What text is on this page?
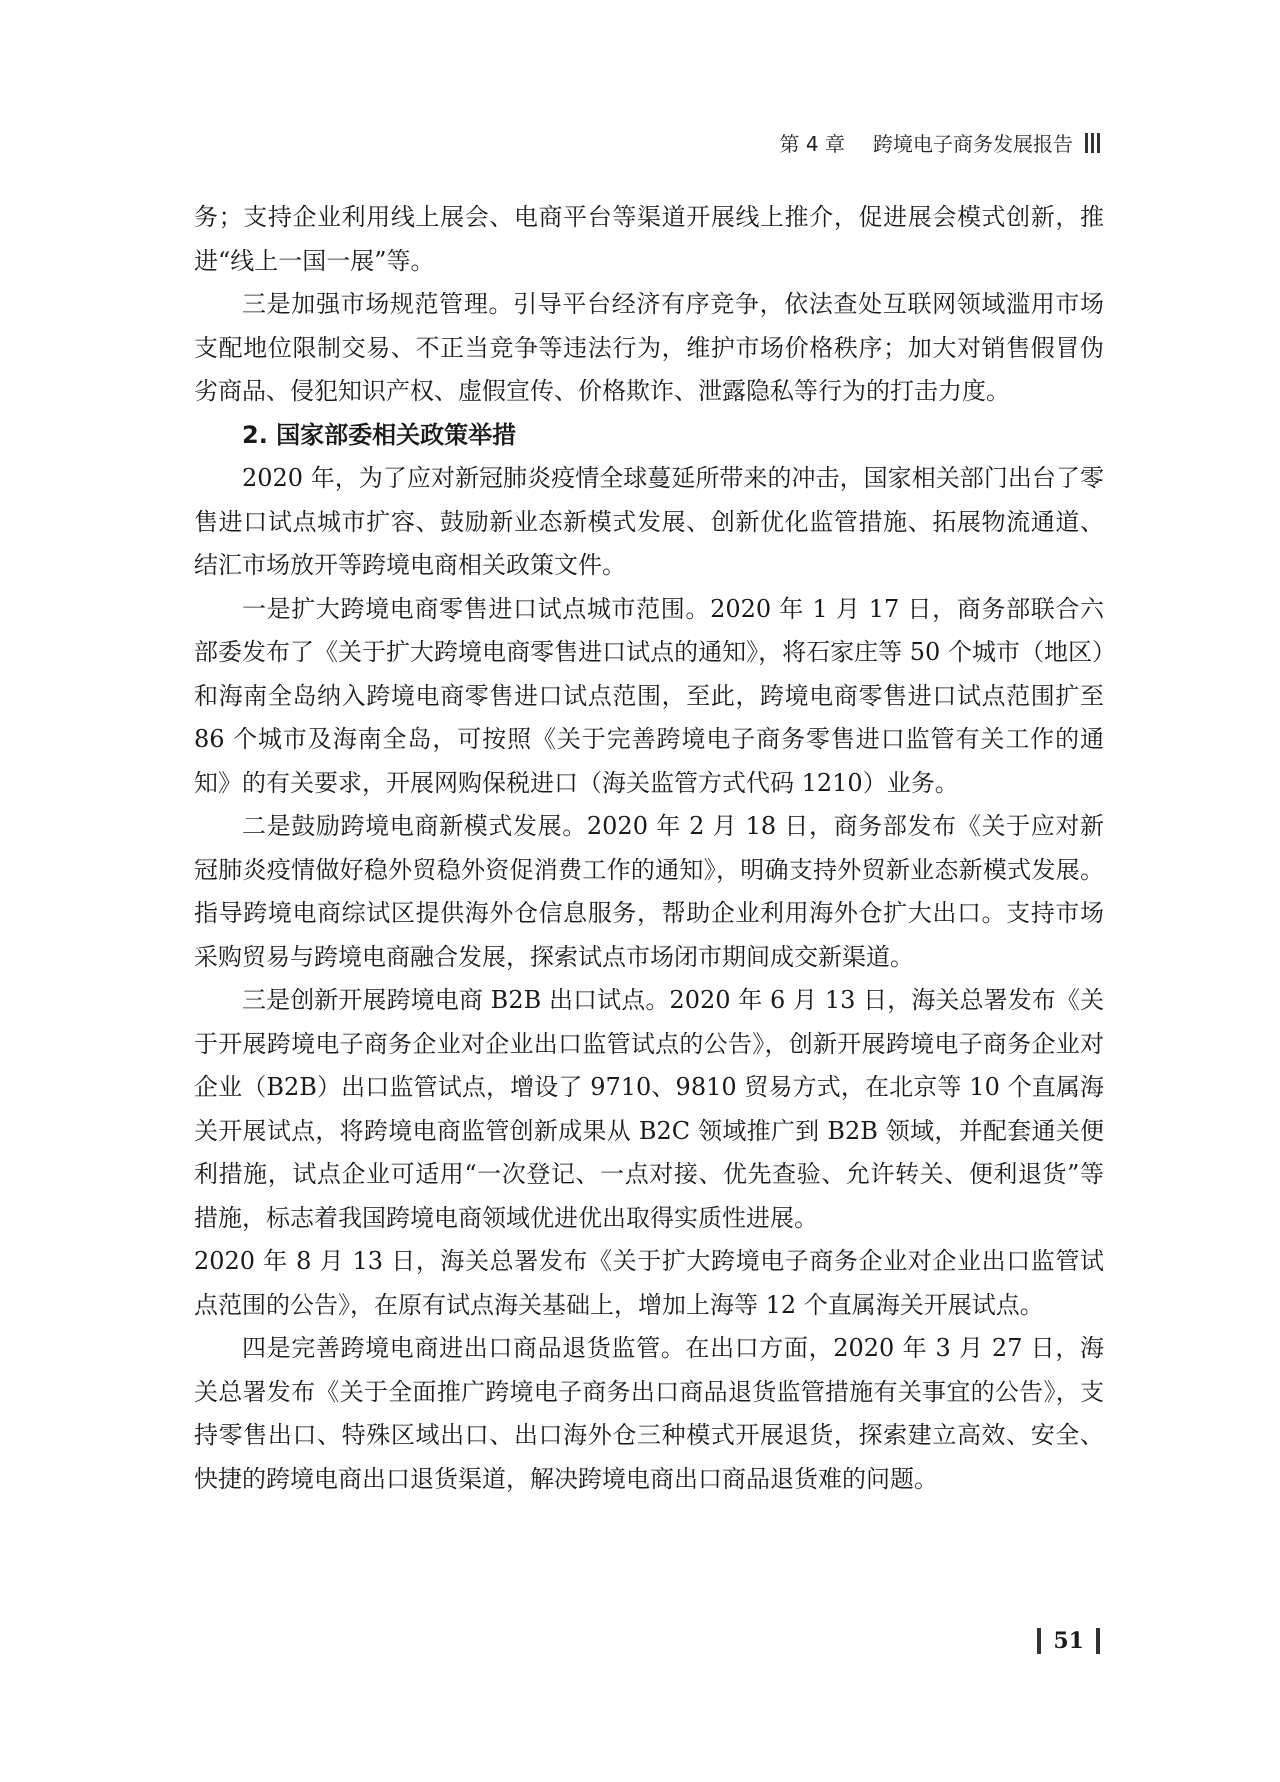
第 4 章 跨境电子商务发展报告

务；支持企业利用线上展会、电商平台等渠道开展线上推介，促进展会模式创新，推进“线上一国一展”等。

三是加强市场规范管理。引导平台经济有序竞争，依法查处互联网领域滥用市场支配地位限制交易、不正当竞争等违法行为，维护市场价格秩序；加大对销售假冒伪劣商品、侵犯知识产权、虚假宣传、价格欺诈、泄露隐私等行为的打击力度。

2. 国家部委相关政策举措

2020 年，为了应对新冠肺炎疫情全球蔓延所带来的冲击，国家相关部门出台了零售进口试点城市扩容、鼓励新业态新模式发展、创新优化监管措施、拓展物流通道、结汇市场放开等跨境电商相关政策文件。

一是扩大跨境电商零售进口试点城市范围。2020 年 1 月 17 日，商务部联合六部委发布了《关于扩大跨境电商零售进口试点的通知》，将石家庄等 50 个城市（地区）和海南全岛纳入跨境电商零售进口试点范围，至此，跨境电商零售进口试点范围扩至 86 个城市及海南全岛，可按照《关于完善跨境电子商务零售进口监管有关工作的通知》的有关要求，开展网购保税进口（海关监管方式代码 1210）业务。

二是鼓励跨境电商新模式发展。2020 年 2 月 18 日，商务部发布《关于应对新冠肺炎疫情做好稳外贸稳外资促消费工作的通知》，明确支持外贸新业态新模式发展。指导跨境电商综试区提供海外仓信息服务，帮助企业利用海外仓扩大出口。支持市场采购贸易与跨境电商融合发展，探索试点市场闭市期间成交新渠道。

三是创新开展跨境电商 B2B 出口试点。2020 年 6 月 13 日，海关总署发布《关于开展跨境电子商务企业对企业出口监管试点的公告》，创新开展跨境电子商务企业对企业（B2B）出口监管试点，增设了 9710、9810 贸易方式，在北京等 10 个直属海关开展试点，将跨境电商监管创新成果从 B2C 领域推广到 B2B 领域，并配套通关便利措施，试点企业可适用“一次登记、一点对接、优先查验、允许转关、便利退货”等措施，标志着我国跨境电商领域优进优出取得实质性进展。

2020 年 8 月 13 日，海关总署发布《关于扩大跨境电子商务企业对企业出口监管试点范围的公告》，在原有试点海关基础上，增加上海等 12 个直属海关开展试点。

四是完善跨境电商进出口商品退货监管。在出口方面，2020 年 3 月 27 日，海关总署发布《关于全面推广跨境电子商务出口商品退货监管措施有关事宜的公告》，支持零售出口、特殊区域出口、出口海外仓三种模式开展退货，探索建立高效、安全、快捷的跨境电商出口退货渠道，解决跨境电商出口商品退货难的问题。

51
